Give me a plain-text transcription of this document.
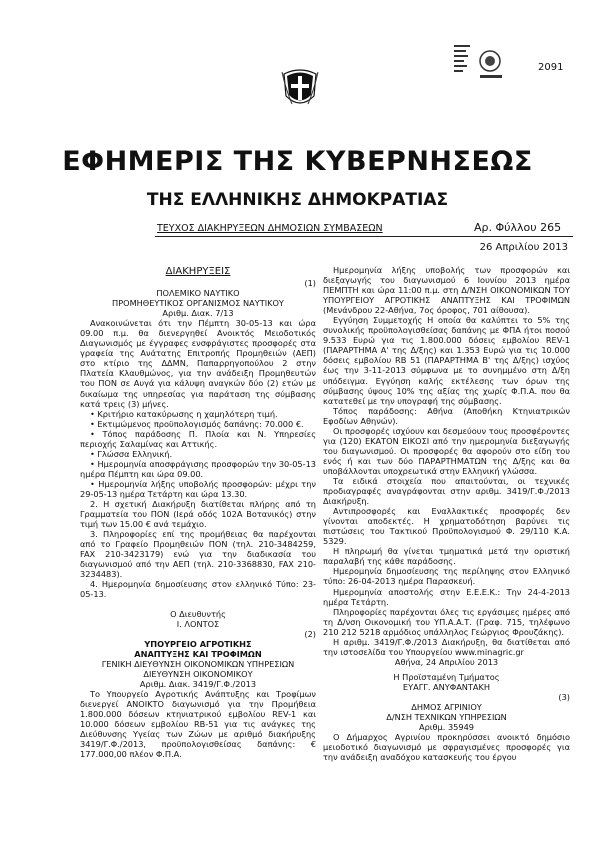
2091
ΕΦΗΜΕΡΙΣ ΤΗΣ ΚΥΒΕΡΝΗΣΕΩΣ
ΤΗΣ ΕΛΛΗΝΙΚΗΣ ΔΗΜΟΚΡΑΤΙΑΣ
ΤΕΥΧΟΣ ΔΙΑΚΗΡΥΞΕΩΝ ΔΗΜΟΣΙΩΝ ΣΥΜΒΑΣΕΩΝ	Αρ. Φύλλου 265
26 Απριλίου 2013

ΔΙΑΚΗΡΥΞΕΙΣ

(1)

ΠΟΛΕΜΙΚΟ ΝΑΥΤΙΚΟ

ΠΡΟΜΗΘΕΥΤΙΚΟΣ ΟΡΓΑΝΙΣΜΟΣ ΝΑΥΤΙΚΟΥ

Αριθμ. Διακ. 7/13

Ανακοινώνεται ότι την Πέμπτη 30-05-13 και ώρα 09.00 π.μ. θα διενεργηθεί Ανοικτός Μειοδοτικός Διαγωνισμός με έγγραφες ενσφράγιστες προσφορές στα γραφεία της Ανάτατης Επιτροπής Προμηθειών (ΑΕΠ) στο κτίριο της ΔΔΜΝ, Παπαρρηγοπούλου 2 στην Πλατεία Κλαυθμώνος, για την ανάδειξη Προμηθευτών του ΠΟΝ σε Αυγά για κάλυψη αναγκών δύο (2) ετών με δικαίωμα της υπηρεσίας για παράταση της σύμβασης κατά τρεις (3) μήνες.

• Κριτήριο κατακύρωσης η χαμηλότερη τιμή.

• Εκτιμώμενος προϋπολογισμός δαπάνης: 70.000 €.

• Τόπος παράδοσης Π. Πλοία και Ν. Υπηρεσίες περιοχής Σαλαμίνας και Αττικής.

• Γλώσσα Ελληνική.

• Ημερομηνία αποσφράγισης προσφορών την 30-05-13 ημέρα Πέμπτη και ώρα 09.00.

• Ημερομηνία λήξης υποβολής προσφορών: μέχρι την 29-05-13 ημέρα Τετάρτη και ώρα 13.30.

2. Η σχετική Διακήρυξη διατίθεται πλήρης από τη Γραμματεία του ΠΟΝ (Ιερά οδός 102Α Βοτανικός) στην τιμή των 15.00 € ανά τεμάχιο.

3. Πληροφορίες επί της προμήθειας θα παρέχονται από το Γραφείο Προμηθειών ΠΟΝ (τηλ. 210-3484259, FAX 210-3423179) ενώ για την διαδικασία του διαγωνισμού από την ΑΕΠ (τηλ. 210-3368830, FAX 210-3234483).

4. Ημερομηνία δημοσίευσης στον ελληνικό Τύπο: 23-05-13.

Ο Διευθυντής

Ι. ΛΟΝΤΟΣ

(2)

ΥΠΟΥΡΓΕΙΟ ΑΓΡΟΤΙΚΗΣ

ΑΝΑΠΤΥΞΗΣ ΚΑΙ ΤΡΟΦΙΜΩΝ

ΓΕΝΙΚΗ ΔΙΕΥΘΥΝΣΗ ΟΙΚΟΝΟΜΙΚΩΝ ΥΠΗΡΕΣΙΩΝ

ΔΙΕΥΘΥΝΣΗ ΟΙΚΟΝΟΜΙΚΟΥ

Αριθμ. Διακ. 3419/Γ.Φ./2013

Το Υπουργείο Αγροτικής Ανάπτυξης και Τροφίμων διενεργεί ΑΝΟΙΚΤΟ διαγωνισμό για την Προμήθεια 1.800.000 δόσεων κτηνιατρικού εμβολίου REV-1 και 10.000 δόσεων εμβολίου RB-51 για τις ανάγκες της Διεύθυνσης Υγείας των Ζώων με αριθμό διακήρυξης 3419/Γ.Φ./2013, προϋπολογισθείσας δαπάνης: € 177.000,00 πλέον Φ.Π.Α.

Ημερομηνία λήξης υποβολής των προσφορών και διεξαγωγής του διαγωνισμού 6 Ιουνίου 2013 ημέρα ΠΕΜΠΤΗ και ώρα 11:00 π.μ. στη Δ/ΝΣΗ ΟΙΚΟΝΟΜΙΚΩΝ ΤΟΥ ΥΠΟΥΡΓΕΙΟΥ ΑΓΡΟΤΙΚΗΣ ΑΝΑΠΤΥΞΗΣ ΚΑΙ ΤΡΟΦΙΜΩΝ (Μενάνδρου 22-Αθήνα, 7ος όροφος, 701 αίθουσα).

Εγγύηση Συμμετοχής Η οποία θα καλύπτει το 5% της συνολικής προϋπολογισθείσας δαπάνης με ΦΠΑ ήτοι ποσού 9.533 Ευρώ για τις 1.800.000 δόσεις εμβολίου REV-1 (ΠΑΡΑΡΤΗΜΑ Α' της Δ/ξης) και 1.353 Ευρώ για τις 10.000 δόσεις εμβολίου RB 51 (ΠΑΡΑΡΤΗΜΑ Β' της Δ/ξης) ισχύος έως την 3-11-2013 σύμφωνα με το συνημμένο στη Δ/ξη υπόδειγμα. Εγγύηση καλής εκτέλεσης των όρων της σύμβασης ύψους 10% της αξίας της χωρίς Φ.Π.Α. που θα κατατεθεί με την υπογραφή της σύμβασης.

Τόπος παράδοσης: Αθήνα (Αποθήκη Κτηνιατρικών Εφοδίων Αθηνών).

Οι προσφορές ισχύουν και δεσμεύουν τους προσφέροντες για (120) ΕΚΑΤΟΝ ΕΙΚΟΣΙ από την ημερομηνία διεξαγωγής του διαγωνισμού. Οι προσφορές θα αφορούν στο είδη του ενός ή και των δύο ΠΑΡΑΡΤΗΜΑΤΩΝ της Δ/ξης και θα υποβάλλονται υποχρεωτικά στην Ελληνική γλώσσα.

Τα ειδικά στοιχεία που απαιτούνται, οι τεχνικές προδιαγραφές αναγράφονται στην αριθμ. 3419/Γ.Φ./2013 Διακήρυξη.

Αντιπροσφορές και Εναλλακτικές προσφορές δεν γίνονται αποδεκτές. Η χρηματοδότηση βαρύνει τις πιστώσεις του Τακτικού Προϋπολογισμού Φ. 29/110 Κ.Α. 5329.

Η πληρωμή θα γίνεται τμηματικά μετά την οριστική παραλαβή της κάθε παράδοσης.

Ημερομηνία δημοσίευσης της περίληψης στον Ελληνικό τύπο: 26-04-2013 ημέρα Παρασκευή.

Ημερομηνία αποστολής στην Ε.Ε.Ε.Κ.: Την 24-4-2013 ημέρα Τετάρτη.

Πληροφορίες παρέχονται όλες τις εργάσιμες ημέρες από τη Δ/νση Οικονομική του ΥΠ.Α.Α.Τ. (Γραφ. 715, τηλέφωνο 210 212 5218 αρμόδιος υπάλληλος Γεώργιος Φρουζάκης).

Η αριθμ. 3419/Γ.Φ./2013 Διακήρυξη, θα διατίθεται από την ιστοσελίδα του Υπουργείου www.minagric.gr

Αθήνα, 24 Απριλίου 2013

Η Προϊσταμένη Τμήματος

ΕΥΑΓΓ. ΑΝΥΦΑΝΤΑΚΗ

(3)

ΔΗΜΟΣ ΑΓΡΙΝΙΟΥ

Δ/ΝΣΗ ΤΕΧΝΙΚΩΝ ΥΠΗΡΕΣΙΩΝ

Αριθμ. 35949

Ο Δήμαρχος Αγρινίου προκηρύσσει ανοικτό δημόσιο μειοδοτικό διαγωνισμό με σφραγισμένες προσφορές για την ανάδειξη αναδόχου κατασκευής του έργου
